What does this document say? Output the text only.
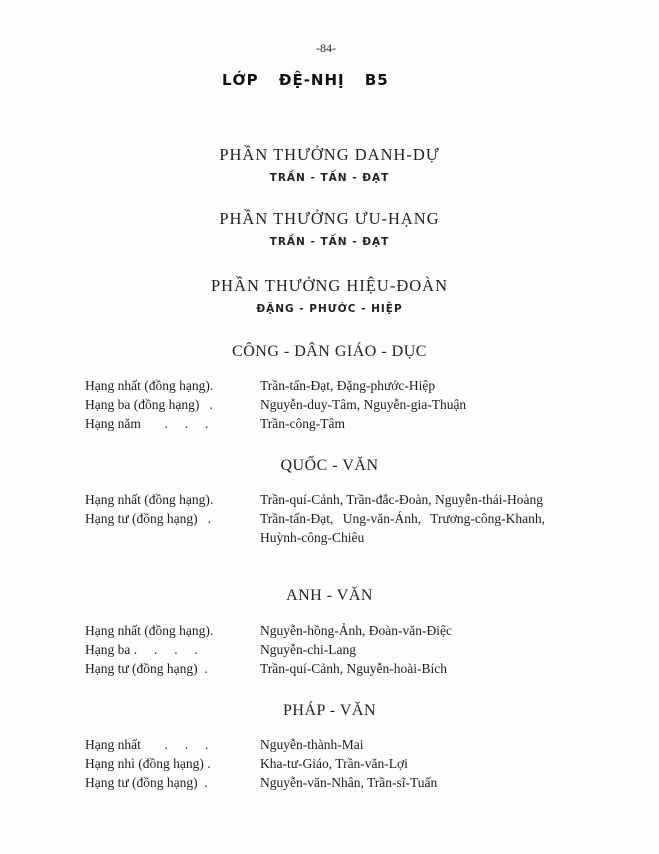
-84-
LỚP ĐỆ-NHỊ B5
PHẦN THƯỞNG DANH-DỰ
TRẦN - TẤN - ĐẠT
PHẦN THƯỞNG ƯU-HẠNG
TRẦN - TẤN - ĐẠT
PHẦN THƯỞNG HIỆU-ĐOÀN
ĐẶNG - PHƯỚC - HIỆP
CÔNG - DÂN GIÁO - DỤC
Hạng nhất (đồng hạng).	Trần-tấn-Đạt, Đặng-phước-Hiệp
Hạng ba (đồng hạng)   .	Nguyễn-duy-Tâm, Nguyễn-gia-Thuận
Hạng năm       .     .     .	Trần-công-Tâm
QUỐC - VĂN
Hạng nhất (đồng hạng).	Trần-quí-Cảnh, Trần-đắc-Đoàn, Nguyễn-thái-Hoàng
Hạng tư (đồng hạng)   .	Trần-tấn-Đạt, Ung-văn-Ánh, Trương-công-Khanh, Huỳnh-công-Chiêu
ANH - VĂN
Hạng nhất (đồng hạng).	Nguyễn-hồng-Ảnh, Đoàn-văn-Điệc
Hạng ba .     .     .     .	Nguyễn-chi-Lang
Hạng tư (đồng hạng)  .	Trần-quí-Cảnh, Nguyễn-hoài-Bích
PHÁP - VĂN
Hạng nhất       .     .     .	Nguyễn-thành-Mai
Hạng nhì (đồng hạng) .	Kha-tư-Giáo, Trần-văn-Lợi
Hạng tư (đồng hạng)  .	Nguyễn-văn-Nhân, Trần-sĩ-Tuấn
